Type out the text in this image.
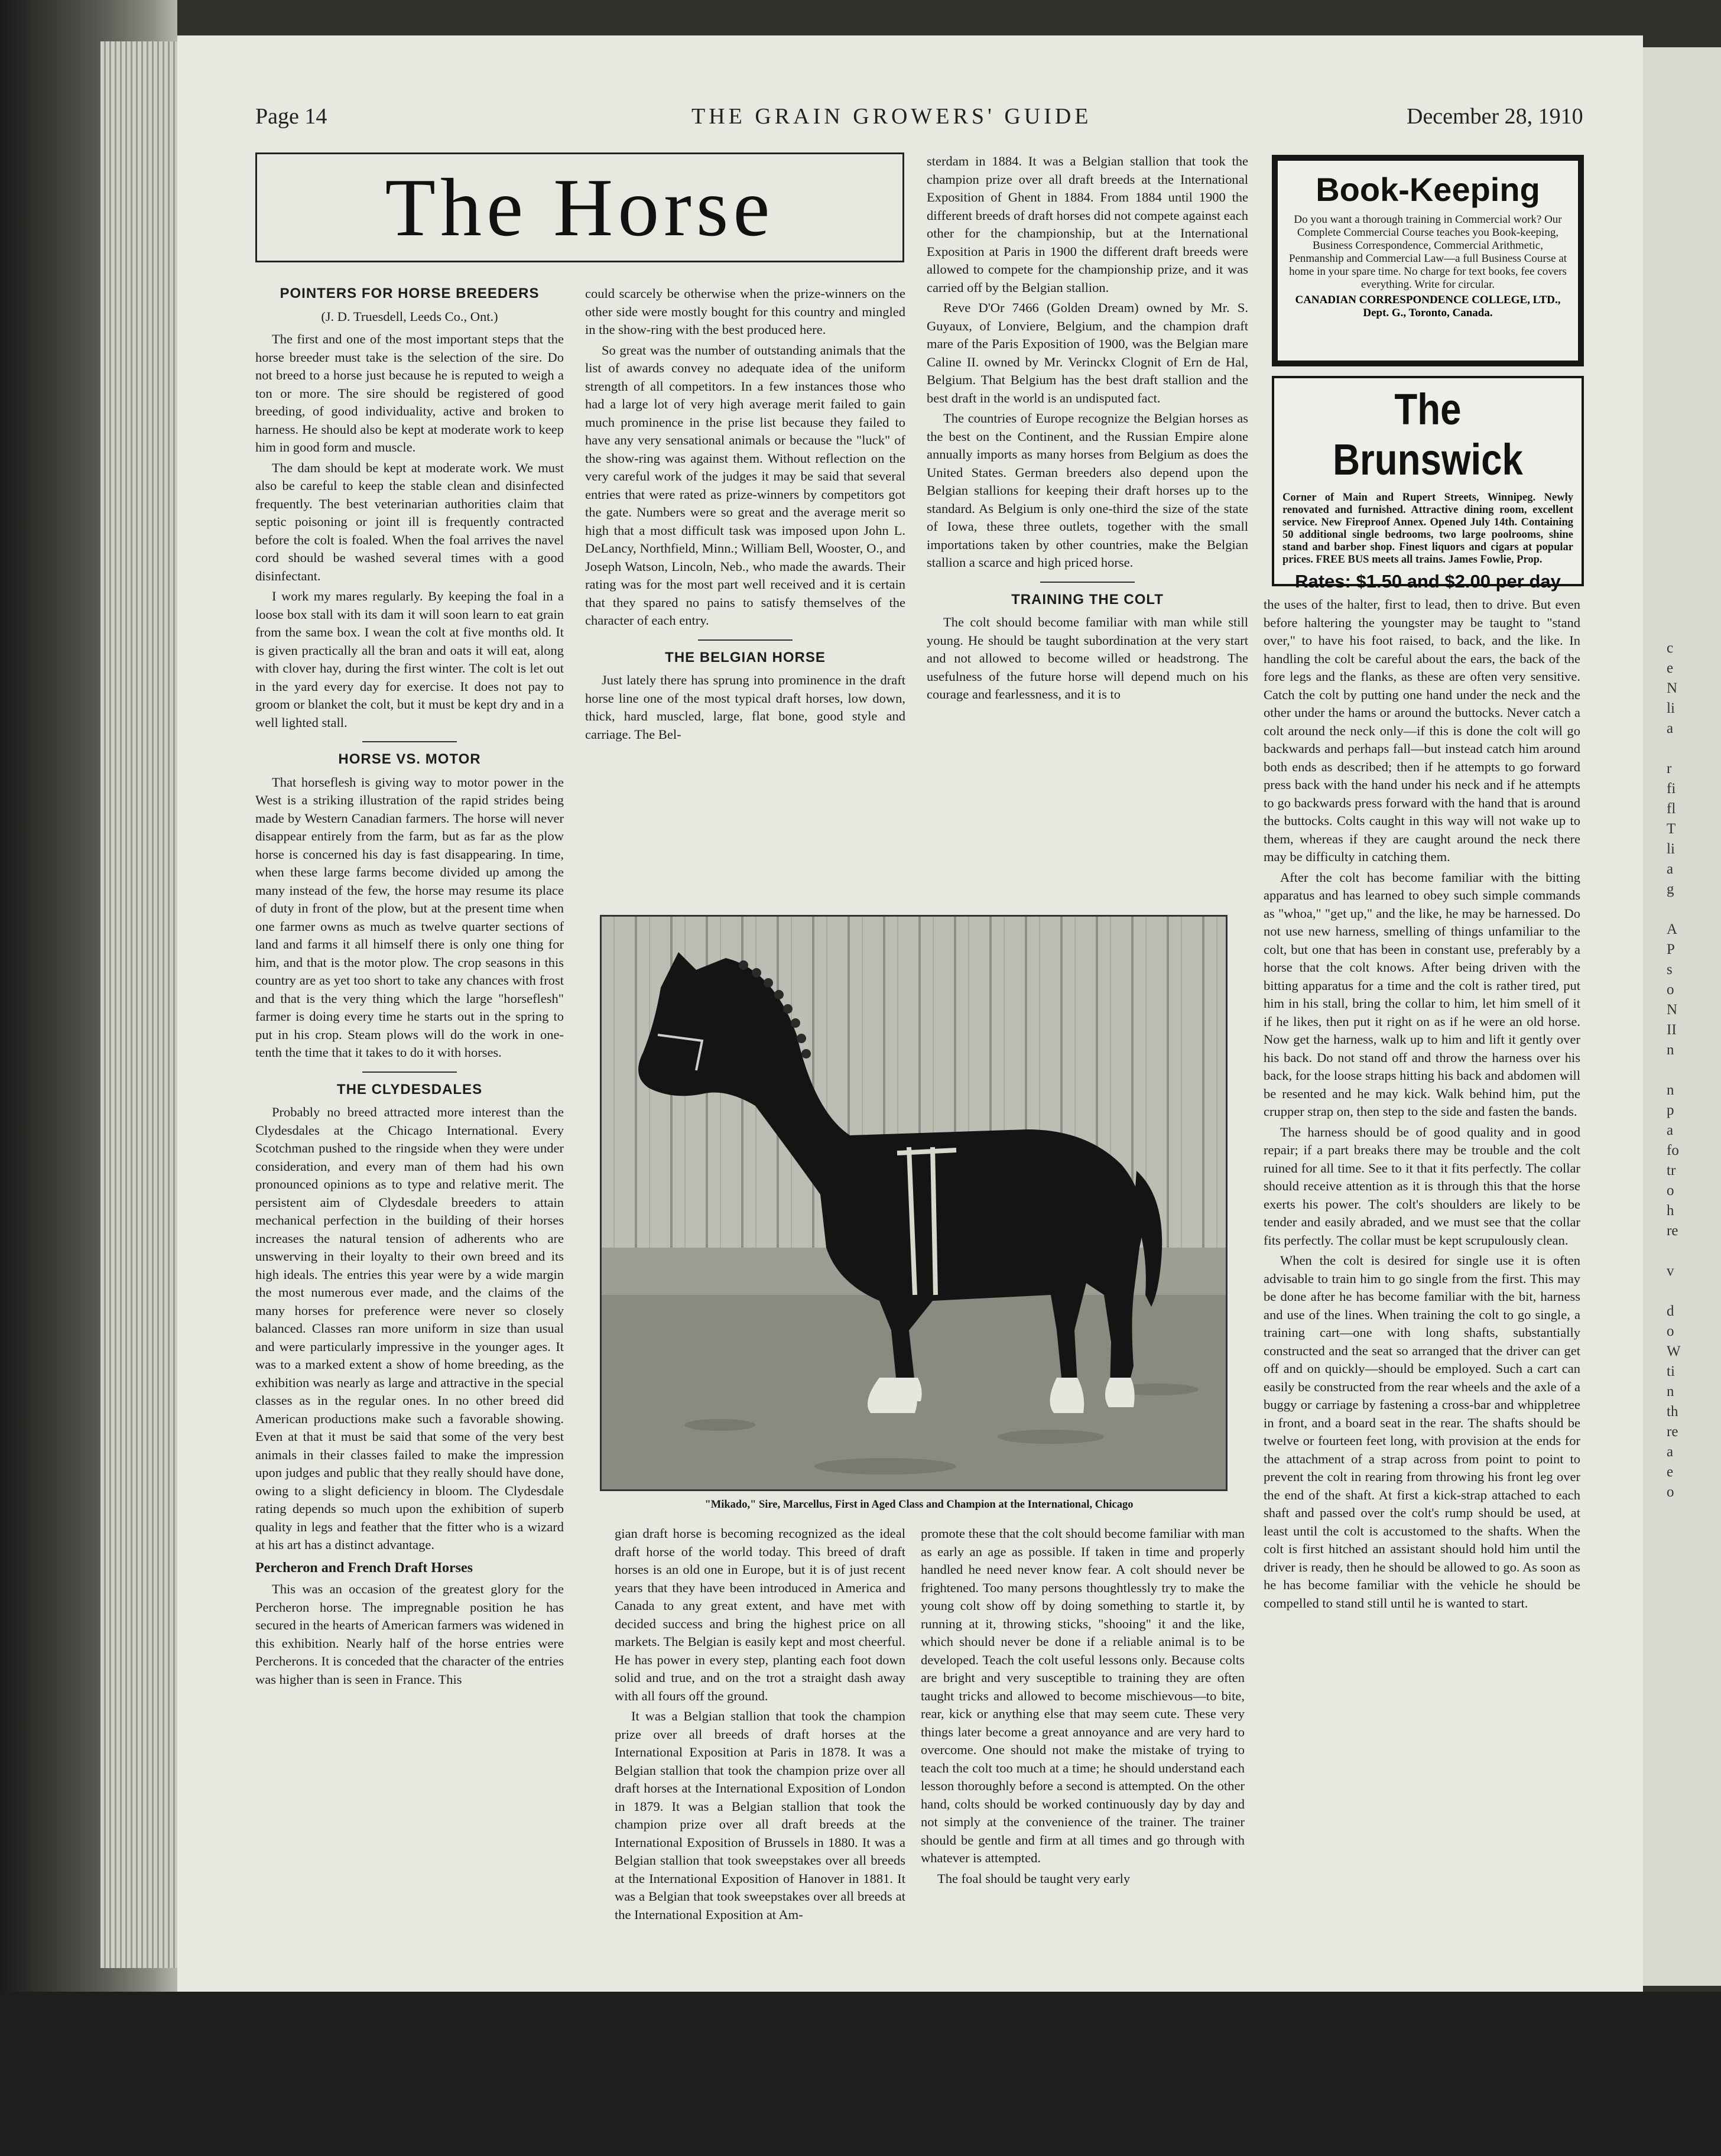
c
e
N
li
a

r
fi
fl
T
li
a
g

A
P
s
o
N
II
n

n
p
a
fo
tr
o
h
re

v

d
o
W
ti
n
th
re
a
e
o
Page 14	THE GRAIN GROWERS' GUIDE	December 28, 1910
The Horse
POINTERS FOR HORSE BREEDERS

(J. D. Truesdell, Leeds Co., Ont.)

The first and one of the most important steps that the horse breeder must take is the selection of the sire. Do not breed to a horse just because he is reputed to weigh a ton or more. The sire should be registered of good breeding, of good individuality, active and broken to harness. He should also be kept at moderate work to keep him in good form and muscle.

The dam should be kept at moderate work. We must also be careful to keep the stable clean and disinfected frequently. The best veterinarian authorities claim that septic poisoning or joint ill is frequently contracted before the colt is foaled. When the foal arrives the navel cord should be washed several times with a good disinfectant.

I work my mares regularly. By keeping the foal in a loose box stall with its dam it will soon learn to eat grain from the same box. I wean the colt at five months old. It is given practically all the bran and oats it will eat, along with clover hay, during the first winter. The colt is let out in the yard every day for exercise. It does not pay to groom or blanket the colt, but it must be kept dry and in a well lighted stall.

HORSE VS. MOTOR

That horseflesh is giving way to motor power in the West is a striking illustration of the rapid strides being made by Western Canadian farmers. The horse will never disappear entirely from the farm, but as far as the plow horse is concerned his day is fast disappearing. In time, when these large farms become divided up among the many instead of the few, the horse may resume its place of duty in front of the plow, but at the present time when one farmer owns as much as twelve quarter sections of land and farms it all himself there is only one thing for him, and that is the motor plow. The crop seasons in this country are as yet too short to take any chances with frost and that is the very thing which the large "horseflesh" farmer is doing every time he starts out in the spring to put in his crop. Steam plows will do the work in one-tenth the time that it takes to do it with horses.

THE CLYDESDALES

Probably no breed attracted more interest than the Clydesdales at the Chicago International. Every Scotchman pushed to the ringside when they were under consideration, and every man of them had his own pronounced opinions as to type and relative merit. The persistent aim of Clydesdale breeders to attain mechanical perfection in the building of their horses increases the natural tension of adherents who are unswerving in their loyalty to their own breed and its high ideals. The entries this year were by a wide margin the most numerous ever made, and the claims of the many horses for preference were never so closely balanced. Classes ran more uniform in size than usual and were particularly impressive in the younger ages. It was to a marked extent a show of home breeding, as the exhibition was nearly as large and attractive in the special classes as in the regular ones. In no other breed did American productions make such a favorable showing. Even at that it must be said that some of the very best animals in their classes failed to make the impression upon judges and public that they really should have done, owing to a slight deficiency in bloom. The Clydesdale rating depends so much upon the exhibition of superb quality in legs and feather that the fitter who is a wizard at his art has a distinct advantage.

Percheron and French Draft Horses

This was an occasion of the greatest glory for the Percheron horse. The impregnable position he has secured in the hearts of American farmers was widened in this exhibition. Nearly half of the horse entries were Percherons. It is conceded that the character of the entries was higher than is seen in France. This

could scarcely be otherwise when the prize-winners on the other side were mostly bought for this country and mingled in the show-ring with the best produced here.

So great was the number of outstanding animals that the list of awards convey no adequate idea of the uniform strength of all competitors. In a few instances those who had a large lot of very high average merit failed to gain much prominence in the prise list because they failed to have any very sensational animals or because the "luck" of the show-ring was against them. Without reflection on the very careful work of the judges it may be said that several entries that were rated as prize-winners by competitors got the gate. Numbers were so great and the average merit so high that a most difficult task was imposed upon John L. DeLancy, Northfield, Minn.; William Bell, Wooster, O., and Joseph Watson, Lincoln, Neb., who made the awards. Their rating was for the most part well received and it is certain that they spared no pains to satisfy themselves of the character of each entry.

THE BELGIAN HORSE

Just lately there has sprung into prominence in the draft horse line one of the most typical draft horses, low down, thick, hard muscled, large, flat bone, good style and carriage. The Bel-

sterdam in 1884. It was a Belgian stallion that took the champion prize over all draft breeds at the International Exposition of Ghent in 1884. From 1884 until 1900 the different breeds of draft horses did not compete against each other for the championship, but at the International Exposition at Paris in 1900 the different draft breeds were allowed to compete for the championship prize, and it was carried off by the Belgian stallion.

Reve D'Or 7466 (Golden Dream) owned by Mr. S. Guyaux, of Lonviere, Belgium, and the champion draft mare of the Paris Exposition of 1900, was the Belgian mare Caline II. owned by Mr. Verinckx Clognit of Ern de Hal, Belgium. That Belgium has the best draft stallion and the best draft in the world is an undisputed fact.

The countries of Europe recognize the Belgian horses as the best on the Continent, and the Russian Empire alone annually imports as many horses from Belgium as does the United States. German breeders also depend upon the Belgian stallions for keeping their draft horses up to the standard. As Belgium is only one-third the size of the state of Iowa, these three outlets, together with the small importations taken by other countries, make the Belgian stallion a scarce and high priced horse.

TRAINING THE COLT

The colt should become familiar with man while still young. He should be taught subordination at the very start and not allowed to become willed or headstrong. The usefulness of the future horse will depend much on his courage and fearlessness, and it is to

Book-Keeping
Do you want a thorough training in Commercial work? Our Complete Commercial Course teaches you Book-keeping, Business Correspondence, Commercial Arithmetic, Penmanship and Commercial Law—a full Business Course at home in your spare time. No charge for text books, fee covers everything. Write for circular.
CANADIAN CORRESPONDENCE COLLEGE, LTD., Dept. G., Toronto, Canada.
The Brunswick
Corner of Main and Rupert Streets, Winnipeg. Newly renovated and furnished. Attractive dining room, excellent service. New Fireproof Annex. Opened July 14th. Containing 50 additional single bedrooms, two large poolrooms, shine stand and barber shop. Finest liquors and cigars at popular prices. FREE BUS meets all trains. James Fowlie, Prop.
Rates: $1.50 and $2.00 per day

the uses of the halter, first to lead, then to drive. But even before haltering the youngster may be taught to "stand over," to have his foot raised, to back, and the like. In handling the colt be careful about the ears, the back of the fore legs and the flanks, as these are often very sensitive. Catch the colt by putting one hand under the neck and the other under the hams or around the buttocks. Never catch a colt around the neck only—if this is done the colt will go backwards and perhaps fall—but instead catch him around both ends as described; then if he attempts to go forward press back with the hand under his neck and if he attempts to go backwards press forward with the hand that is around the buttocks. Colts caught in this way will not wake up to them, whereas if they are caught around the neck there may be difficulty in catching them.

After the colt has become familiar with the bitting apparatus and has learned to obey such simple commands as "whoa," "get up," and the like, he may be harnessed. Do not use new harness, smelling of things unfamiliar to the colt, but one that has been in constant use, preferably by a horse that the colt knows. After being driven with the bitting apparatus for a time and the colt is rather tired, put him in his stall, bring the collar to him, let him smell of it if he likes, then put it right on as if he were an old horse. Now get the harness, walk up to him and lift it gently over his back. Do not stand off and throw the harness over his back, for the loose straps hitting his back and abdomen will be resented and he may kick. Walk behind him, put the crupper strap on, then step to the side and fasten the bands.

The harness should be of good quality and in good repair; if a part breaks there may be trouble and the colt ruined for all time. See to it that it fits perfectly. The collar should receive attention as it is through this that the horse exerts his power. The colt's shoulders are likely to be tender and easily abraded, and we must see that the collar fits perfectly. The collar must be kept scrupulously clean.

When the colt is desired for single use it is often advisable to train him to go single from the first. This may be done after he has become familiar with the bit, harness and use of the lines. When training the colt to go single, a training cart—one with long shafts, substantially constructed and the seat so arranged that the driver can get off and on quickly—should be employed. Such a cart can easily be constructed from the rear wheels and the axle of a buggy or carriage by fastening a cross-bar and whippletree in front, and a board seat in the rear. The shafts should be twelve or fourteen feet long, with provision at the ends for the attachment of a strap across from point to point to prevent the colt in rearing from throwing his front leg over the end of the shaft. At first a kick-strap attached to each shaft and passed over the colt's rump should be used, at least until the colt is accustomed to the shafts. When the colt is first hitched an assistant should hold him until the driver is ready, then he should be allowed to go. As soon as he has become familiar with the vehicle he should be compelled to stand still until he is wanted to start.

"Mikado," Sire, Marcellus, First in Aged Class and Champion at the International, Chicago

gian draft horse is becoming recognized as the ideal draft horse of the world today. This breed of draft horses is an old one in Europe, but it is of just recent years that they have been introduced in America and Canada to any great extent, and have met with decided success and bring the highest price on all markets. The Belgian is easily kept and most cheerful. He has power in every step, planting each foot down solid and true, and on the trot a straight dash away with all fours off the ground.

It was a Belgian stallion that took the champion prize over all breeds of draft horses at the International Exposition at Paris in 1878. It was a Belgian stallion that took the champion prize over all draft horses at the International Exposition of London in 1879. It was a Belgian stallion that took the champion prize over all draft breeds at the International Exposition of Brussels in 1880. It was a Belgian stallion that took sweepstakes over all breeds at the International Exposition of Hanover in 1881. It was a Belgian that took sweepstakes over all breeds at the International Exposition at Am-

promote these that the colt should become familiar with man as early an age as possible. If taken in time and properly handled he need never know fear. A colt should never be frightened. Too many persons thoughtlessly try to make the young colt show off by doing something to startle it, by running at it, throwing sticks, "shooing" it and the like, which should never be done if a reliable animal is to be developed. Teach the colt useful lessons only. Because colts are bright and very susceptible to training they are often taught tricks and allowed to become mischievous—to bite, rear, kick or anything else that may seem cute. These very things later become a great annoyance and are very hard to overcome. One should not make the mistake of trying to teach the colt too much at a time; he should understand each lesson thoroughly before a second is attempted. On the other hand, colts should be worked continuously day by day and not simply at the convenience of the trainer. The trainer should be gentle and firm at all times and go through with whatever is attempted.

The foal should be taught very early
